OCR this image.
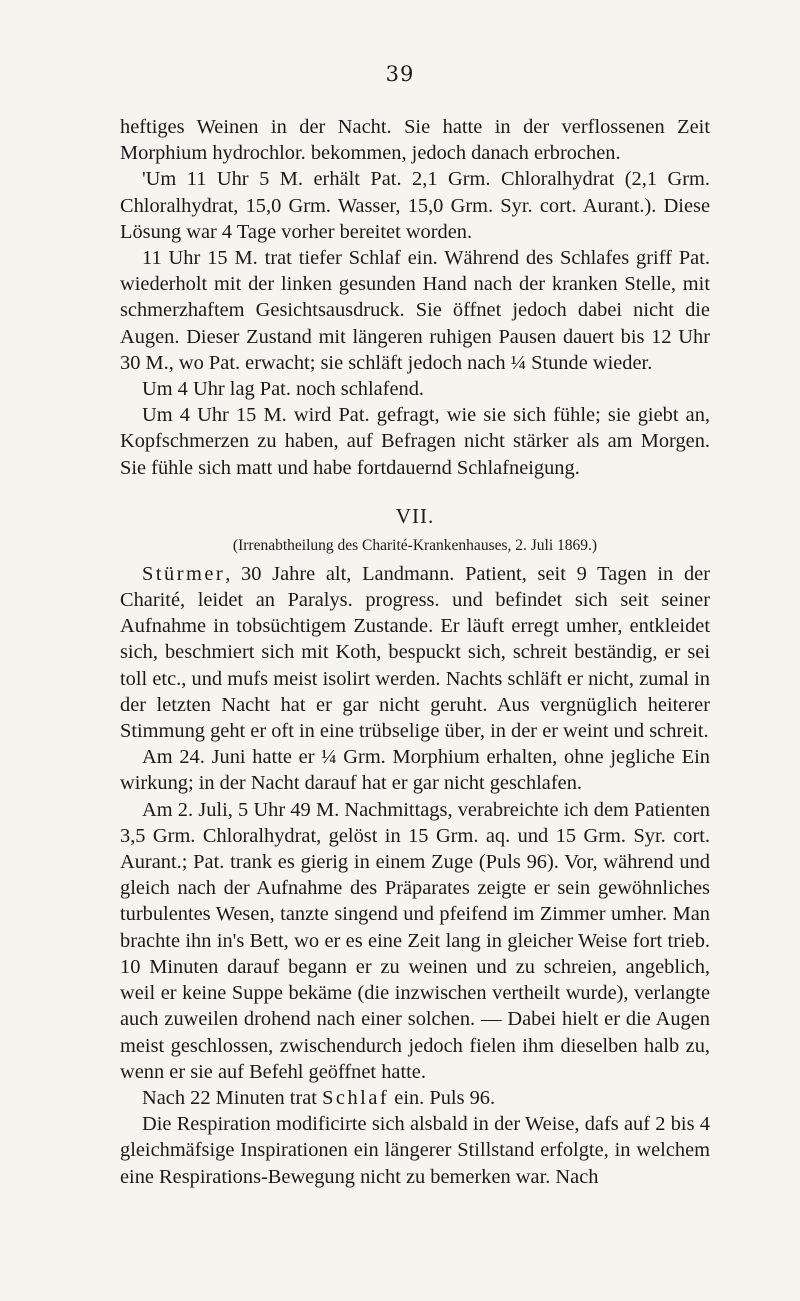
39

heftiges Weinen in der Nacht. Sie hatte in der verflossenen Zeit Morphium hydrochlor. bekommen, jedoch danach erbrochen.

'Um 11 Uhr 5 M. erhält Pat. 2,1 Grm. Chloralhydrat (2,1 Grm. Chloralhydrat, 15,0 Grm. Wasser, 15,0 Grm. Syr. cort. Aurant.). Diese Lösung war 4 Tage vorher bereitet worden.

11 Uhr 15 M. trat tiefer Schlaf ein. Während des Schlafes griff Pat. wiederholt mit der linken gesunden Hand nach der kranken Stelle, mit schmerzhaftem Gesichtsausdruck. Sie öffnet jedoch dabei nicht die Augen. Dieser Zustand mit längeren ruhigen Pausen dauert bis 12 Uhr 30 M., wo Pat. erwacht; sie schläft jedoch nach ¼ Stunde wieder.

Um 4 Uhr lag Pat. noch schlafend.

Um 4 Uhr 15 M. wird Pat. gefragt, wie sie sich fühle; sie giebt an, Kopfschmerzen zu haben, auf Befragen nicht stärker als am Morgen. Sie fühle sich matt und habe fortdauernd Schlafneigung.

VII.
(Irrenabtheilung des Charité-Krankenhauses, 2. Juli 1869.)

Stürmer, 30 Jahre alt, Landmann. Patient, seit 9 Tagen in der Charité, leidet an Paralys. progress. und befindet sich seit seiner Aufnahme in tobsüchtigem Zustande. Er läuft erregt umher, entkleidet sich, beschmiert sich mit Koth, bespuckt sich, schreit beständig, er sei toll etc., und mufs meist isolirt werden. Nachts schläft er nicht, zumal in der letzten Nacht hat er gar nicht geruht. Aus vergnüglich heiterer Stimmung geht er oft in eine trübselige über, in der er weint und schreit.

Am 24. Juni hatte er ¼ Grm. Morphium erhalten, ohne jegliche Ein wirkung; in der Nacht darauf hat er gar nicht geschlafen.

Am 2. Juli, 5 Uhr 49 M. Nachmittags, verabreichte ich dem Patienten 3,5 Grm. Chloralhydrat, gelöst in 15 Grm. aq. und 15 Grm. Syr. cort. Aurant.; Pat. trank es gierig in einem Zuge (Puls 96). Vor, während und gleich nach der Aufnahme des Präparates zeigte er sein gewöhnliches turbulentes Wesen, tanzte singend und pfeifend im Zimmer umher. Man brachte ihn in's Bett, wo er es eine Zeit lang in gleicher Weise fort trieb. 10 Minuten darauf begann er zu weinen und zu schreien, angeblich, weil er keine Suppe bekäme (die inzwischen vertheilt wurde), verlangte auch zuweilen drohend nach einer solchen. — Dabei hielt er die Augen meist geschlossen, zwischendurch jedoch fielen ihm dieselben halb zu, wenn er sie auf Befehl geöffnet hatte.

Nach 22 Minuten trat Schlaf ein. Puls 96.

Die Respiration modificirte sich alsbald in der Weise, dafs auf 2 bis 4 gleichmäfsige Inspirationen ein längerer Stillstand erfolgte, in welchem eine Respirations-Bewegung nicht zu bemerken war. Nach
